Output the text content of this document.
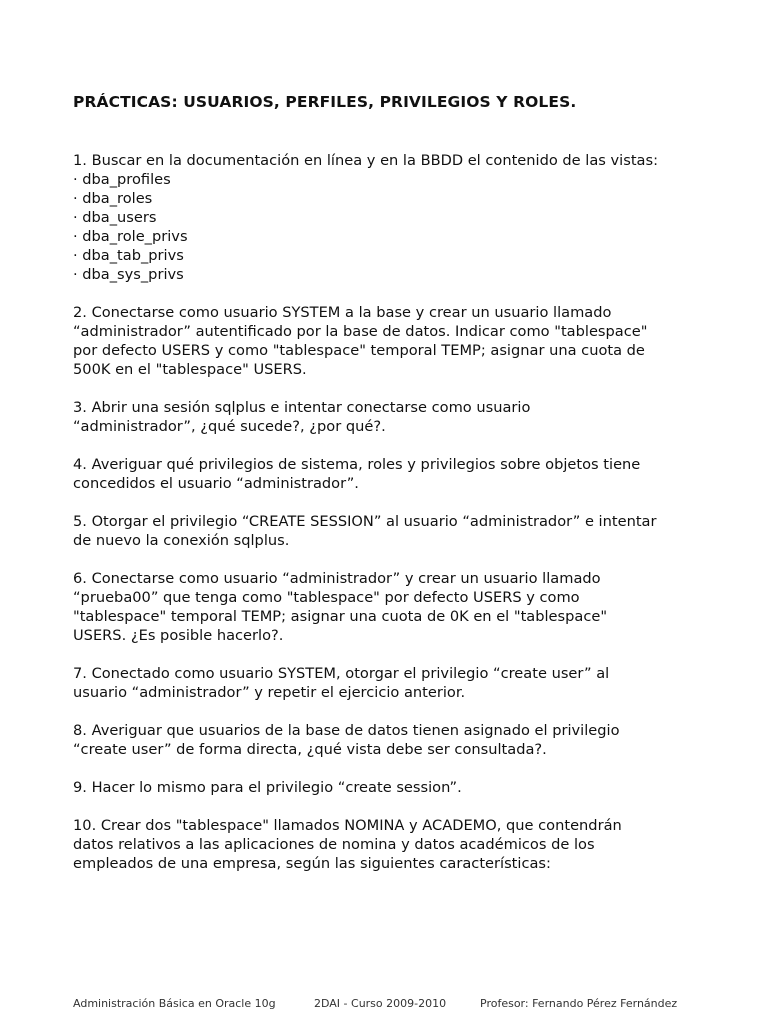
PRÁCTICAS: USUARIOS, PERFILES, PRIVILEGIOS Y ROLES.
1. Buscar en la documentación en línea y en la BBDD el contenido de las vistas:
· dba_profiles
· dba_roles
· dba_users
· dba_role_privs
· dba_tab_privs
· dba_sys_privs
2. Conectarse como usuario SYSTEM a la base y crear un usuario llamado
“administrador” autentificado por la base de datos. Indicar como "tablespace"
por defecto USERS y como "tablespace" temporal TEMP; asignar una cuota de
500K en el "tablespace" USERS.
3. Abrir una sesión sqlplus e intentar conectarse como usuario
“administrador”, ¿qué sucede?, ¿por qué?.
4. Averiguar qué privilegios de sistema, roles y privilegios sobre objetos tiene
concedidos el usuario “administrador”.
5. Otorgar el privilegio “CREATE SESSION” al usuario “administrador” e intentar
de nuevo la conexión sqlplus.
6. Conectarse como usuario “administrador” y crear un usuario llamado
“prueba00” que tenga como "tablespace" por defecto USERS y como
"tablespace" temporal TEMP; asignar una cuota de 0K en el "tablespace"
USERS. ¿Es posible hacerlo?.
7. Conectado como usuario SYSTEM, otorgar el privilegio “create user” al
usuario “administrador” y repetir el ejercicio anterior.
8. Averiguar que usuarios de la base de datos tienen asignado el privilegio
“create user” de forma directa, ¿qué vista debe ser consultada?.
9. Hacer lo mismo para el privilegio “create session”.
10. Crear dos "tablespace" llamados NOMINA y ACADEMO, que contendrán
datos relativos a las aplicaciones de nomina y datos académicos de los
empleados de una empresa, según las siguientes características:
Administración Básica en Oracle 10g	2DAI - Curso 2009-2010	Profesor: Fernando Pérez Fernández
